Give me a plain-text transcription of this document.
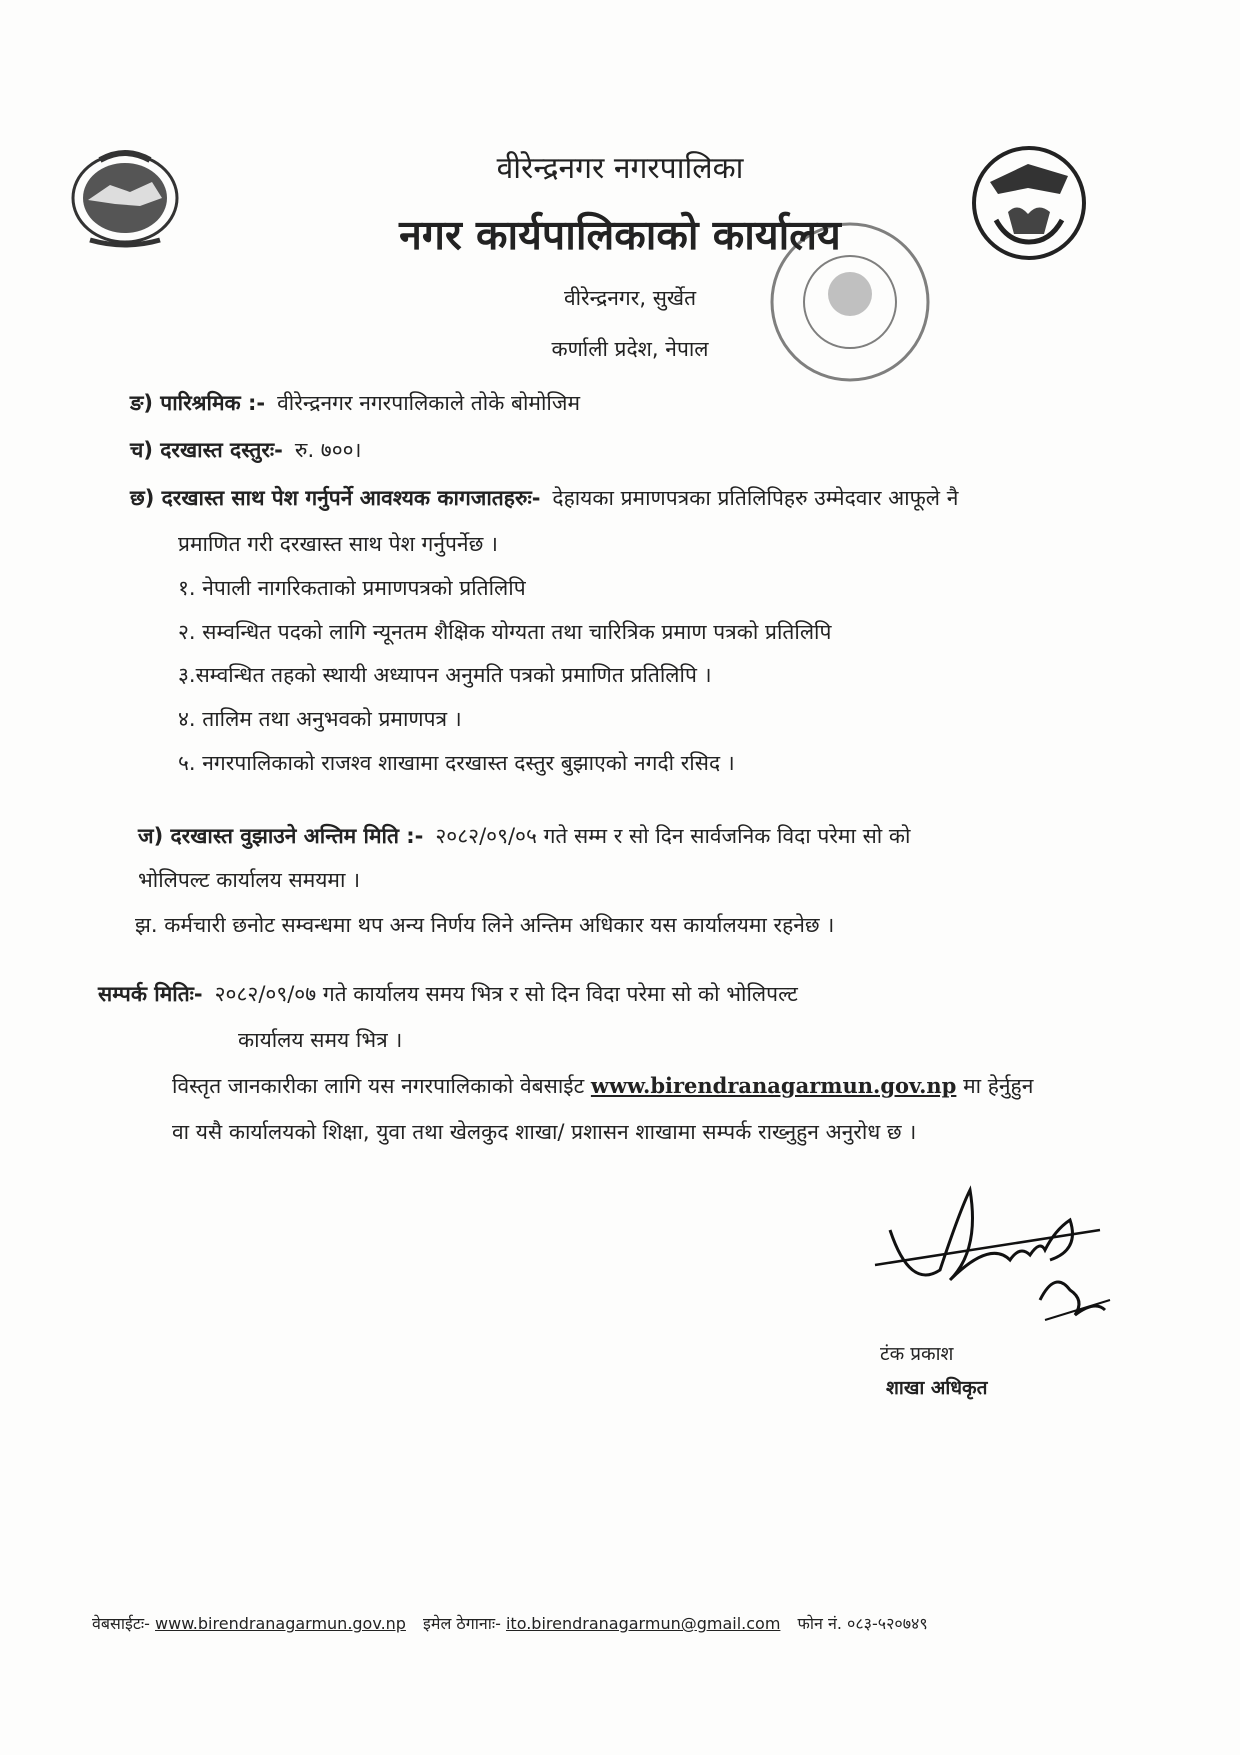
वीरेन्द्रनगर नगरपालिका
नगर कार्यपालिकाको कार्यालय
वीरेन्द्रनगर, सुर्खेत
कर्णाली प्रदेश, नेपाल
ङ) पारिश्रमिक :- वीरेन्द्रनगर नगरपालिकाले तोके बोमोजिम
च) दरखास्त दस्तुरः- रु. ७००।
छ) दरखास्त साथ पेश गर्नुपर्ने आवश्यक कागजातहरुः- देहायका प्रमाणपत्रका प्रतिलिपिहरु उम्मेदवार आफूले नै
प्रमाणित गरी दरखास्त साथ पेश गर्नुपर्नेछ ।
१. नेपाली नागरिकताको प्रमाणपत्रको प्रतिलिपि
२. सम्वन्धित पदको लागि न्यूनतम शैक्षिक योग्यता तथा चारित्रिक प्रमाण पत्रको प्रतिलिपि
३.सम्वन्धित तहको स्थायी अध्यापन अनुमति पत्रको प्रमाणित प्रतिलिपि ।
४. तालिम तथा अनुभवको प्रमाणपत्र ।
५. नगरपालिकाको राजश्व शाखामा दरखास्त दस्तुर बुझाएको नगदी रसिद ।
ज) दरखास्त वुझाउने अन्तिम मिति :- २०८२/०९/०५ गते सम्म र सो दिन सार्वजनिक विदा परेमा सो को
भोलिपल्ट कार्यालय समयमा ।
झ. कर्मचारी छनोट सम्वन्धमा थप अन्य निर्णय लिने अन्तिम अधिकार यस कार्यालयमा रहनेछ ।
सम्पर्क मितिः- २०८२/०९/०७ गते कार्यालय समय भित्र र सो दिन विदा परेमा सो को भोलिपल्ट
कार्यालय समय भित्र ।
विस्तृत जानकारीका लागि यस नगरपालिकाको वेबसाईट www.birendranagarmun.gov.np मा हेर्नुहुन
वा यसै कार्यालयको शिक्षा, युवा तथा खेलकुद शाखा/ प्रशासन शाखामा सम्पर्क राख्नुहुन अनुरोध छ ।
टंक प्रकाश
शाखा अधिकृत
वेबसाईटः- www.birendranagarmun.gov.np इमेल ठेगानाः- ito.birendranagarmun@gmail.com फोन नं. ०८३-५२०७४९
